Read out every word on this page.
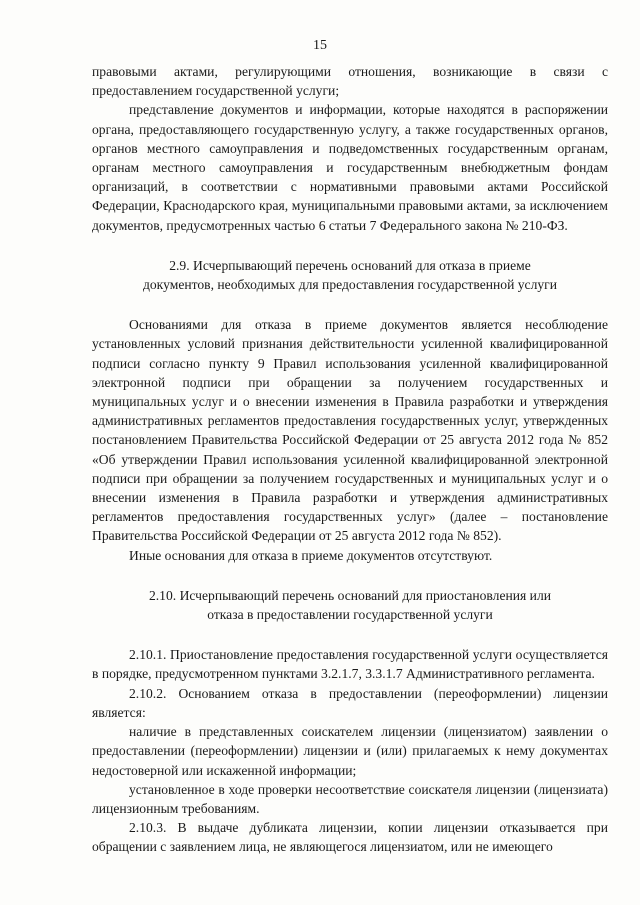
15

правовыми актами, регулирующими отношения, возникающие в связи с предоставлением государственной услуги;

представление документов и информации, которые находятся в распоряжении органа, предоставляющего государственную услугу, а также государственных органов, органов местного самоуправления и подведомственных государственным органам, органам местного самоуправления и государственным внебюджетным фондам организаций, в соответствии с нормативными правовыми актами Российской Федерации, Краснодарского края, муниципальными правовыми актами, за исключением документов, предусмотренных частью 6 статьи 7 Федерального закона № 210-ФЗ.

2.9. Исчерпывающий перечень оснований для отказа в приеме

документов, необходимых для предоставления государственной услуги

Основаниями для отказа в приеме документов является несоблюдение установленных условий признания действительности усиленной квалифицированной подписи согласно пункту 9 Правил использования усиленной квалифицированной электронной подписи при обращении за получением государственных и муниципальных услуг и о внесении изменения в Правила разработки и утверждения административных регламентов предоставления государственных услуг, утвержденных постановлением Правительства Российской Федерации от 25 августа 2012 года № 852 «Об утверждении Правил использования усиленной квалифицированной электронной подписи при обращении за получением государственных и муниципальных услуг и о внесении изменения в Правила разработки и утверждения административных регламентов предоставления государственных услуг» (далее – постановление Правительства Российской Федерации от 25 августа 2012 года № 852).

Иные основания для отказа в приеме документов отсутствуют.

2.10. Исчерпывающий перечень оснований для приостановления или

отказа в предоставлении государственной услуги

2.10.1. Приостановление предоставления государственной услуги осуществляется в порядке, предусмотренном пунктами 3.2.1.7, 3.3.1.7 Административного регламента.

2.10.2. Основанием отказа в предоставлении (переоформлении) лицензии является:

наличие в представленных соискателем лицензии (лицензиатом) заявлении о предоставлении (переоформлении) лицензии и (или) прилагаемых к нему документах недостоверной или искаженной информации;

установленное в ходе проверки несоответствие соискателя лицензии (лицензиата) лицензионным требованиям.

2.10.3. В выдаче дубликата лицензии, копии лицензии отказывается при обращении с заявлением лица, не являющегося лицензиатом, или не имеющего
